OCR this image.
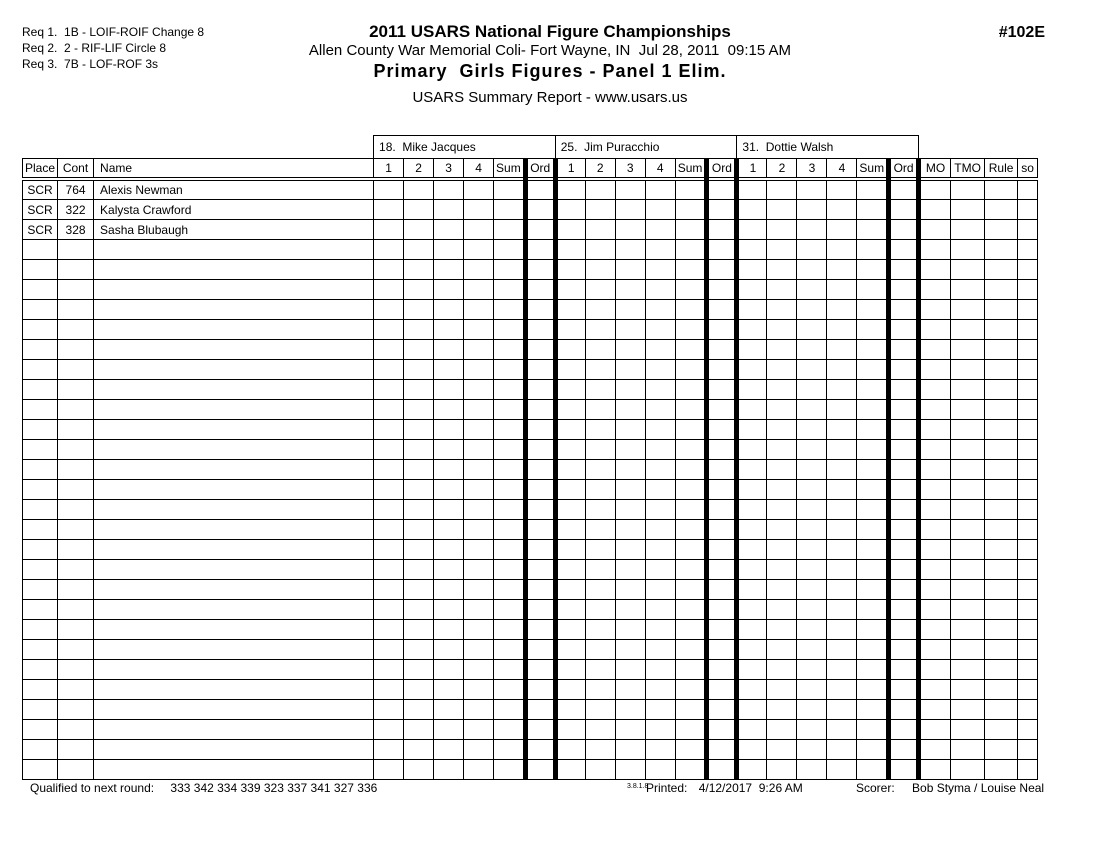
Req 1.  1B - LOIF-ROIF Change 8
Req 2.  2 - RIF-LIF Circle 8
Req 3.  7B - LOF-ROF 3s
2011 USARS National Figure Championships
Allen County War Memorial Coli- Fort Wayne, IN  Jul 28, 2011  09:15 AM
Primary  Girls Figures - Panel 1 Elim.
USARS Summary Report - www.usars.us
#102E
			18.  Mike Jacques						25.  Jim Puracchio						31.  Dottie Walsh									
Place	Cont	Name	1	2	3	4	Sum	Ord	1	2	3	4	Sum	Ord	1	2	3	4	Sum	Ord	MO	TMO	Rule	so
SCR	764	Alexis Newman																						
SCR	322	Kalysta Crawford																						
SCR	328	Sasha Blubaugh																						

Qualified to next round: 333 342 334 339 323 337 341 327 336	3.8.1.8
Printed: 4/12/2017  9:26 AM	Scorer: Bob Styma / Louise Neal
